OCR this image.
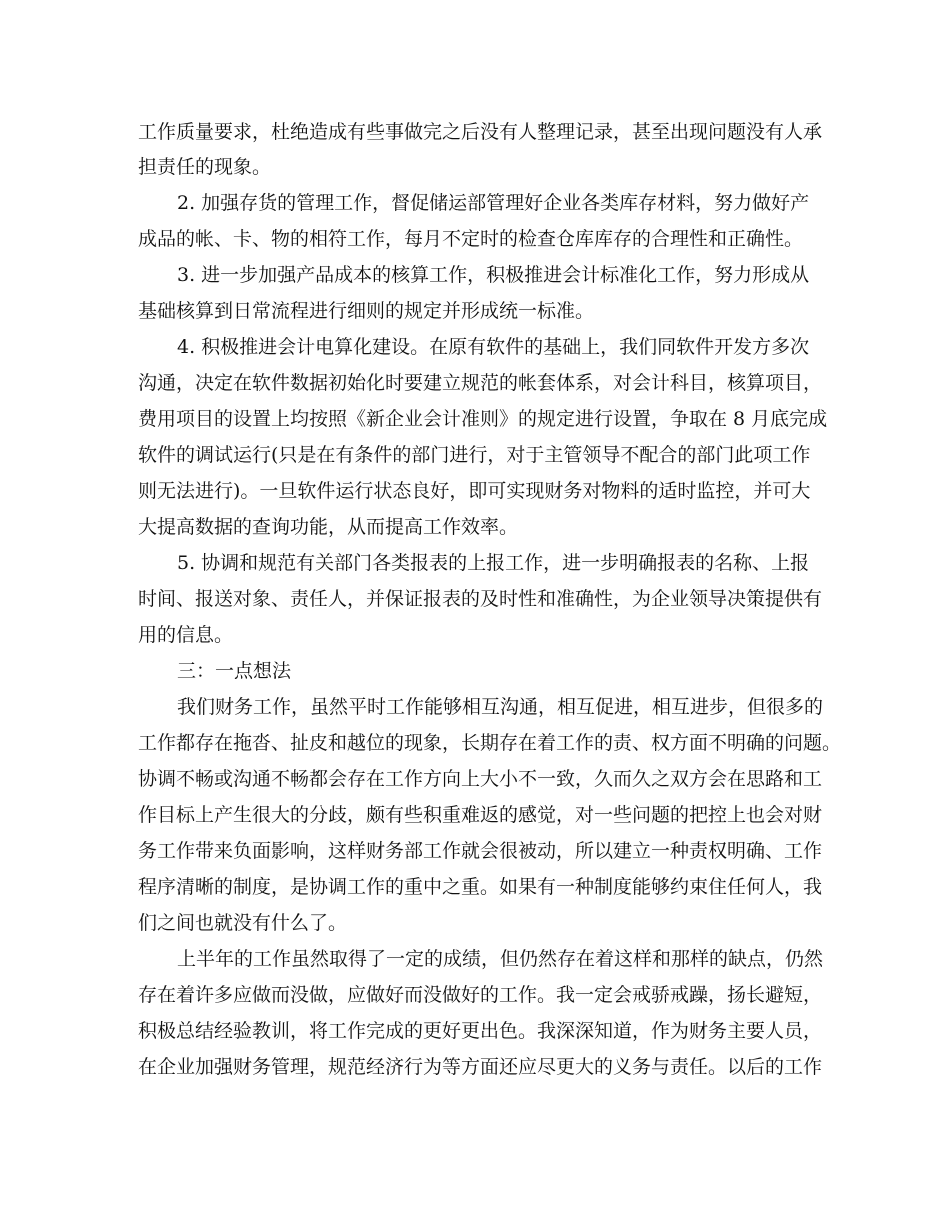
工作质量要求，杜绝造成有些事做完之后没有人整理记录，甚至出现问题没有人承
担责任的现象。
2. 加强存货的管理工作，督促储运部管理好企业各类库存材料，努力做好产
成品的帐、卡、物的相符工作，每月不定时的检查仓库库存的合理性和正确性。
3. 进一步加强产品成本的核算工作，积极推进会计标准化工作，努力形成从
基础核算到日常流程进行细则的规定并形成统一标准。
4. 积极推进会计电算化建设。在原有软件的基础上，我们同软件开发方多次
沟通，决定在软件数据初始化时要建立规范的帐套体系，对会计科目，核算项目，
费用项目的设置上均按照《新企业会计准则》的规定进行设置，争取在 8 月底完成
软件的调试运行(只是在有条件的部门进行，对于主管领导不配合的部门此项工作
则无法进行)。一旦软件运行状态良好，即可实现财务对物料的适时监控，并可大
大提高数据的查询功能，从而提高工作效率。
5. 协调和规范有关部门各类报表的上报工作，进一步明确报表的名称、上报
时间、报送对象、责任人，并保证报表的及时性和准确性，为企业领导决策提供有
用的信息。
三：一点想法
我们财务工作，虽然平时工作能够相互沟通，相互促进，相互进步，但很多的
工作都存在拖沓、扯皮和越位的现象，长期存在着工作的责、权方面不明确的问题。
协调不畅或沟通不畅都会存在工作方向上大小不一致，久而久之双方会在思路和工
作目标上产生很大的分歧，颇有些积重难返的感觉，对一些问题的把控上也会对财
务工作带来负面影响，这样财务部工作就会很被动，所以建立一种责权明确、工作
程序清晰的制度，是协调工作的重中之重。如果有一种制度能够约束住任何人，我
们之间也就没有什么了。
上半年的工作虽然取得了一定的成绩，但仍然存在着这样和那样的缺点，仍然
存在着许多应做而没做，应做好而没做好的工作。我一定会戒骄戒躁，扬长避短，
积极总结经验教训，将工作完成的更好更出色。我深深知道，作为财务主要人员，
在企业加强财务管理，规范经济行为等方面还应尽更大的义务与责任。以后的工作
